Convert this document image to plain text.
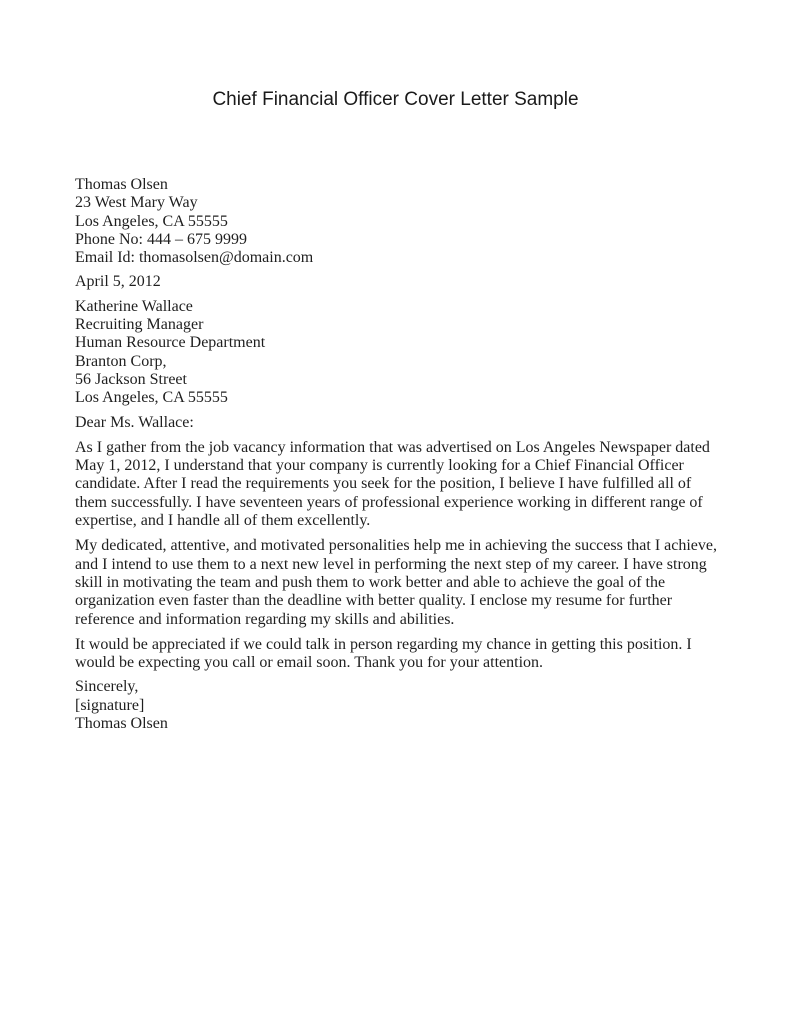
Chief Financial Officer Cover Letter Sample
Thomas Olsen
23 West Mary Way
Los Angeles, CA 55555
Phone No: 444 – 675 9999
Email Id: thomasolsen@domain.com
April 5, 2012
Katherine Wallace
Recruiting Manager
Human Resource Department
Branton Corp,
56 Jackson Street
Los Angeles, CA 55555
Dear Ms. Wallace:

As I gather from the job vacancy information that was advertised on Los Angeles Newspaper dated May 1, 2012, I understand that your company is currently looking for a Chief Financial Officer candidate. After I read the requirements you seek for the position, I believe I have fulfilled all of them successfully. I have seventeen years of professional experience working in different range of expertise, and I handle all of them excellently.

My dedicated, attentive, and motivated personalities help me in achieving the success that I achieve, and I intend to use them to a next new level in performing the next step of my career. I have strong skill in motivating the team and push them to work better and able to achieve the goal of the organization even faster than the deadline with better quality. I enclose my resume for further reference and information regarding my skills and abilities.

It would be appreciated if we could talk in person regarding my chance in getting this position. I would be expecting you call or email soon. Thank you for your attention.

Sincerely,
[signature]
Thomas Olsen
